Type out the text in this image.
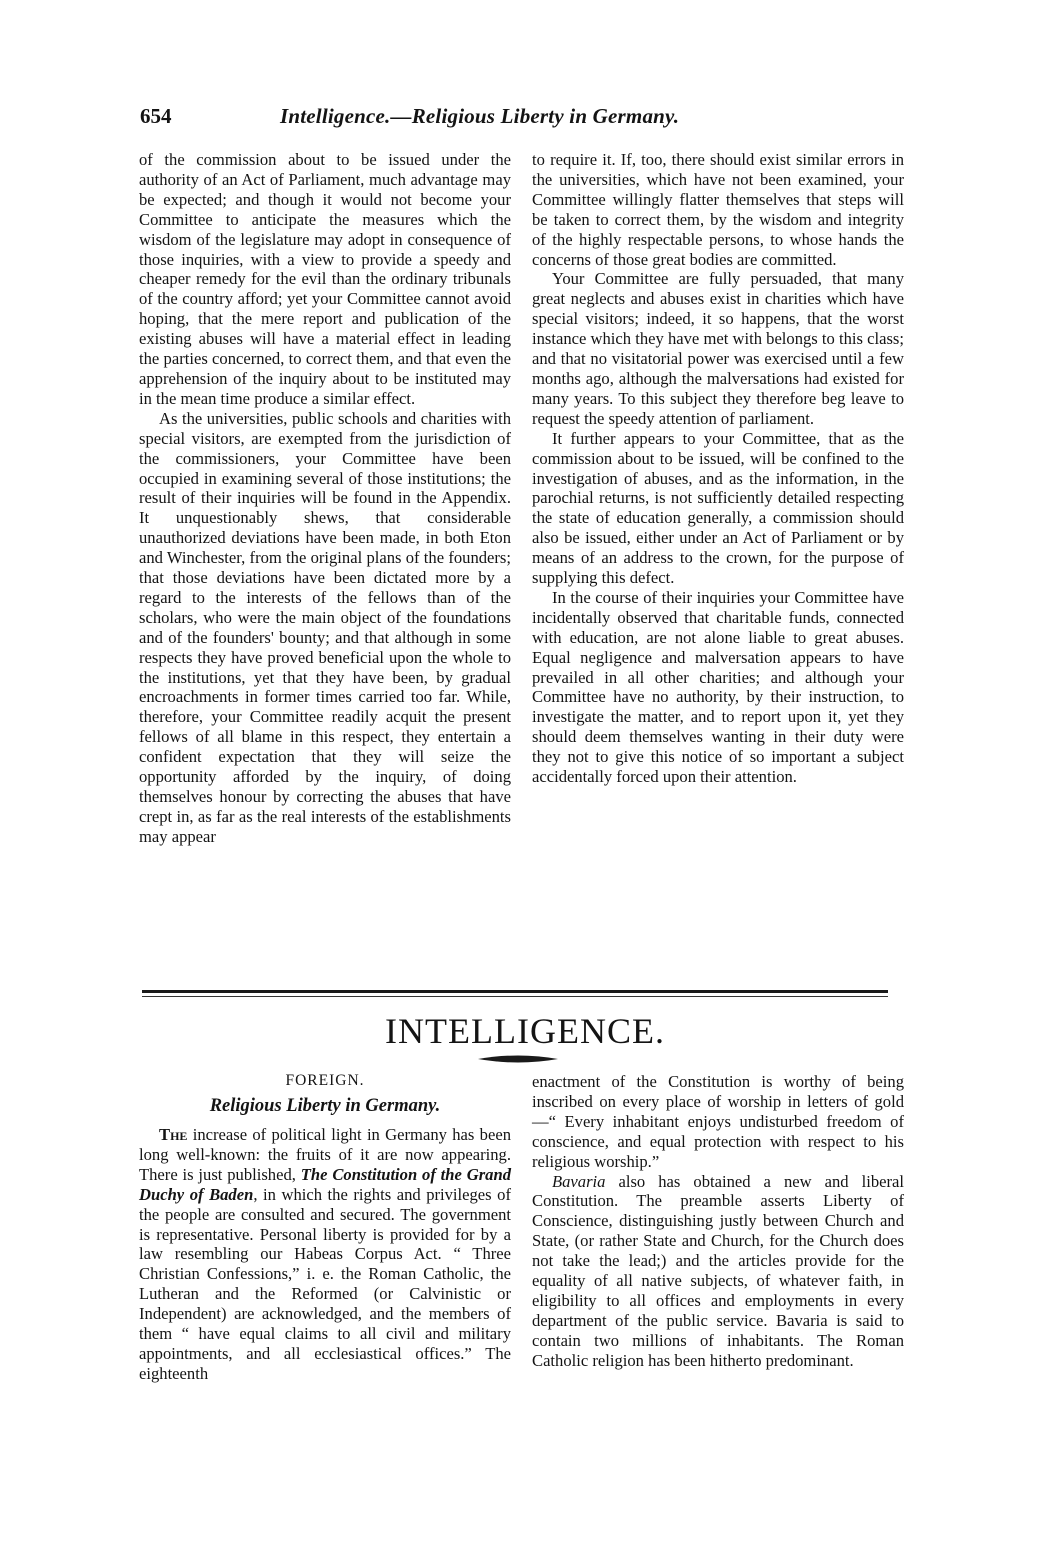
654	Intelligence.—Religious Liberty in Germany.

of the commission about to be issued under the authority of an Act of Parliament, much advantage may be expected; and though it would not become your Committee to anticipate the measures which the wisdom of the legislature may adopt in consequence of those inquiries, with a view to provide a speedy and cheaper remedy for the evil than the ordinary tribunals of the country afford; yet your Committee cannot avoid hoping, that the mere report and publication of the existing abuses will have a material effect in leading the parties concerned, to correct them, and that even the apprehension of the inquiry about to be instituted may in the mean time produce a similar effect.

As the universities, public schools and charities with special visitors, are exempted from the jurisdiction of the commissioners, your Committee have been occupied in examining several of those institutions; the result of their inquiries will be found in the Appendix. It unquestionably shews, that considerable unauthorized deviations have been made, in both Eton and Winchester, from the original plans of the founders; that those deviations have been dictated more by a regard to the interests of the fellows than of the scholars, who were the main object of the foundations and of the founders' bounty; and that although in some respects they have proved beneficial upon the whole to the institutions, yet that they have been, by gradual encroachments in former times carried too far. While, therefore, your Committee readily acquit the present fellows of all blame in this respect, they entertain a confident expectation that they will seize the opportunity afforded by the inquiry, of doing themselves honour by correcting the abuses that have crept in, as far as the real interests of the establishments may appear

to require it. If, too, there should exist similar errors in the universities, which have not been examined, your Committee willingly flatter themselves that steps will be taken to correct them, by the wisdom and integrity of the highly respectable persons, to whose hands the concerns of those great bodies are committed.

Your Committee are fully persuaded, that many great neglects and abuses exist in charities which have special visitors; indeed, it so happens, that the worst instance which they have met with belongs to this class; and that no visitatorial power was exercised until a few months ago, although the malversations had existed for many years. To this subject they therefore beg leave to request the speedy attention of parliament.

It further appears to your Committee, that as the commission about to be issued, will be confined to the investigation of abuses, and as the information, in the parochial returns, is not sufficiently detailed respecting the state of education generally, a commission should also be issued, either under an Act of Parliament or by means of an address to the crown, for the purpose of supplying this defect.

In the course of their inquiries your Committee have incidentally observed that charitable funds, connected with education, are not alone liable to great abuses. Equal negligence and malversation appears to have prevailed in all other charities; and although your Committee have no authority, by their instruction, to investigate the matter, and to report upon it, yet they should deem themselves wanting in their duty were they not to give this notice of so important a subject accidentally forced upon their attention.

INTELLIGENCE.
FOREIGN.
Religious Liberty in Germany.

The increase of political light in Germany has been long well-known: the fruits of it are now appearing. There is just published, The Constitution of the Grand Duchy of Baden, in which the rights and privileges of the people are consulted and secured. The government is representative. Personal liberty is provided for by a law resembling our Habeas Corpus Act. “ Three Christian Confessions,” i. e. the Roman Catholic, the Lutheran and the Reformed (or Calvinistic or Independent) are acknowledged, and the members of them “ have equal claims to all civil and military appointments, and all ecclesiastical offices.” The eighteenth

enactment of the Constitution is worthy of being inscribed on every place of worship in letters of gold—“ Every inhabitant enjoys undisturbed freedom of conscience, and equal protection with respect to his religious worship.”

Bavaria also has obtained a new and liberal Constitution. The preamble asserts Liberty of Conscience, distinguishing justly between Church and State, (or rather State and Church, for the Church does not take the lead;) and the articles provide for the equality of all native subjects, of whatever faith, in eligibility to all offices and employments in every department of the public service. Bavaria is said to contain two millions of inhabitants. The Roman Catholic religion has been hitherto predominant.
